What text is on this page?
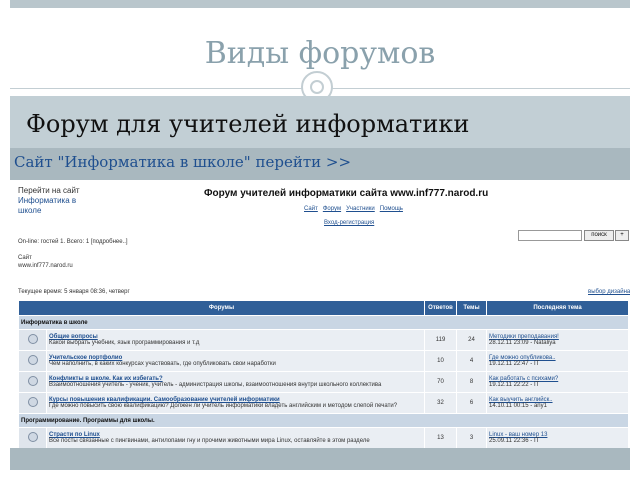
Виды форумов
Форум для учителей информатики
Сайт "Информатика в школе" перейти >>
Перейти на сайт
Информатика в школе
Форум учителей информатики сайта www.inf777.narod.ru
Сайт Форум Участники Помощь
Вход-регистрация
On-line: гостей 1. Всего: 1 [подробнее..]
Сайт
www.inf777.narod.ru
поиск	+
Текущее время: 5 января 08:36, четверг	выбор дизайна
Форумы		Ответов	Темы	Последняя тема
Информатика в школе				

	Общие вопросы
Какой выбрать учебник, язык программирования и т.д	119	24	Методики преподавания!
28.12.11 23:09 - Nataliya

	Учительское портфолио
Чем наполнить, в каких конкурсах участвовать, где опубликовать свои наработки	10	4	Где можно опубликова..
19.12.11 22:47 - IT

	Конфликты в школе. Как их избегать?
Взаимоотношения учитель - ученик, учитель - администрация школы, взаимоотношения внутри школьного коллектива	70	8	Как работать с психами?
19.12.11 22:22 - IT

	Курсы повышения квалификации. Самообразование учителей информатики
Где можно повысить свою квалификацию? Должен ли учитель информатики владеть английским и методом слепой печати?	32	6	Как выучить английск..
14.10.11 00:15 - any1

Программирование. Программы для школы.				

	Страсти по Linux
Все посты связанные с пингвинами, антилопами гну и прочими животными мира Linux, оставляйте в этом разделе	13	3	Linux - ваш номер 13
25.09.11 22:36 - IT
